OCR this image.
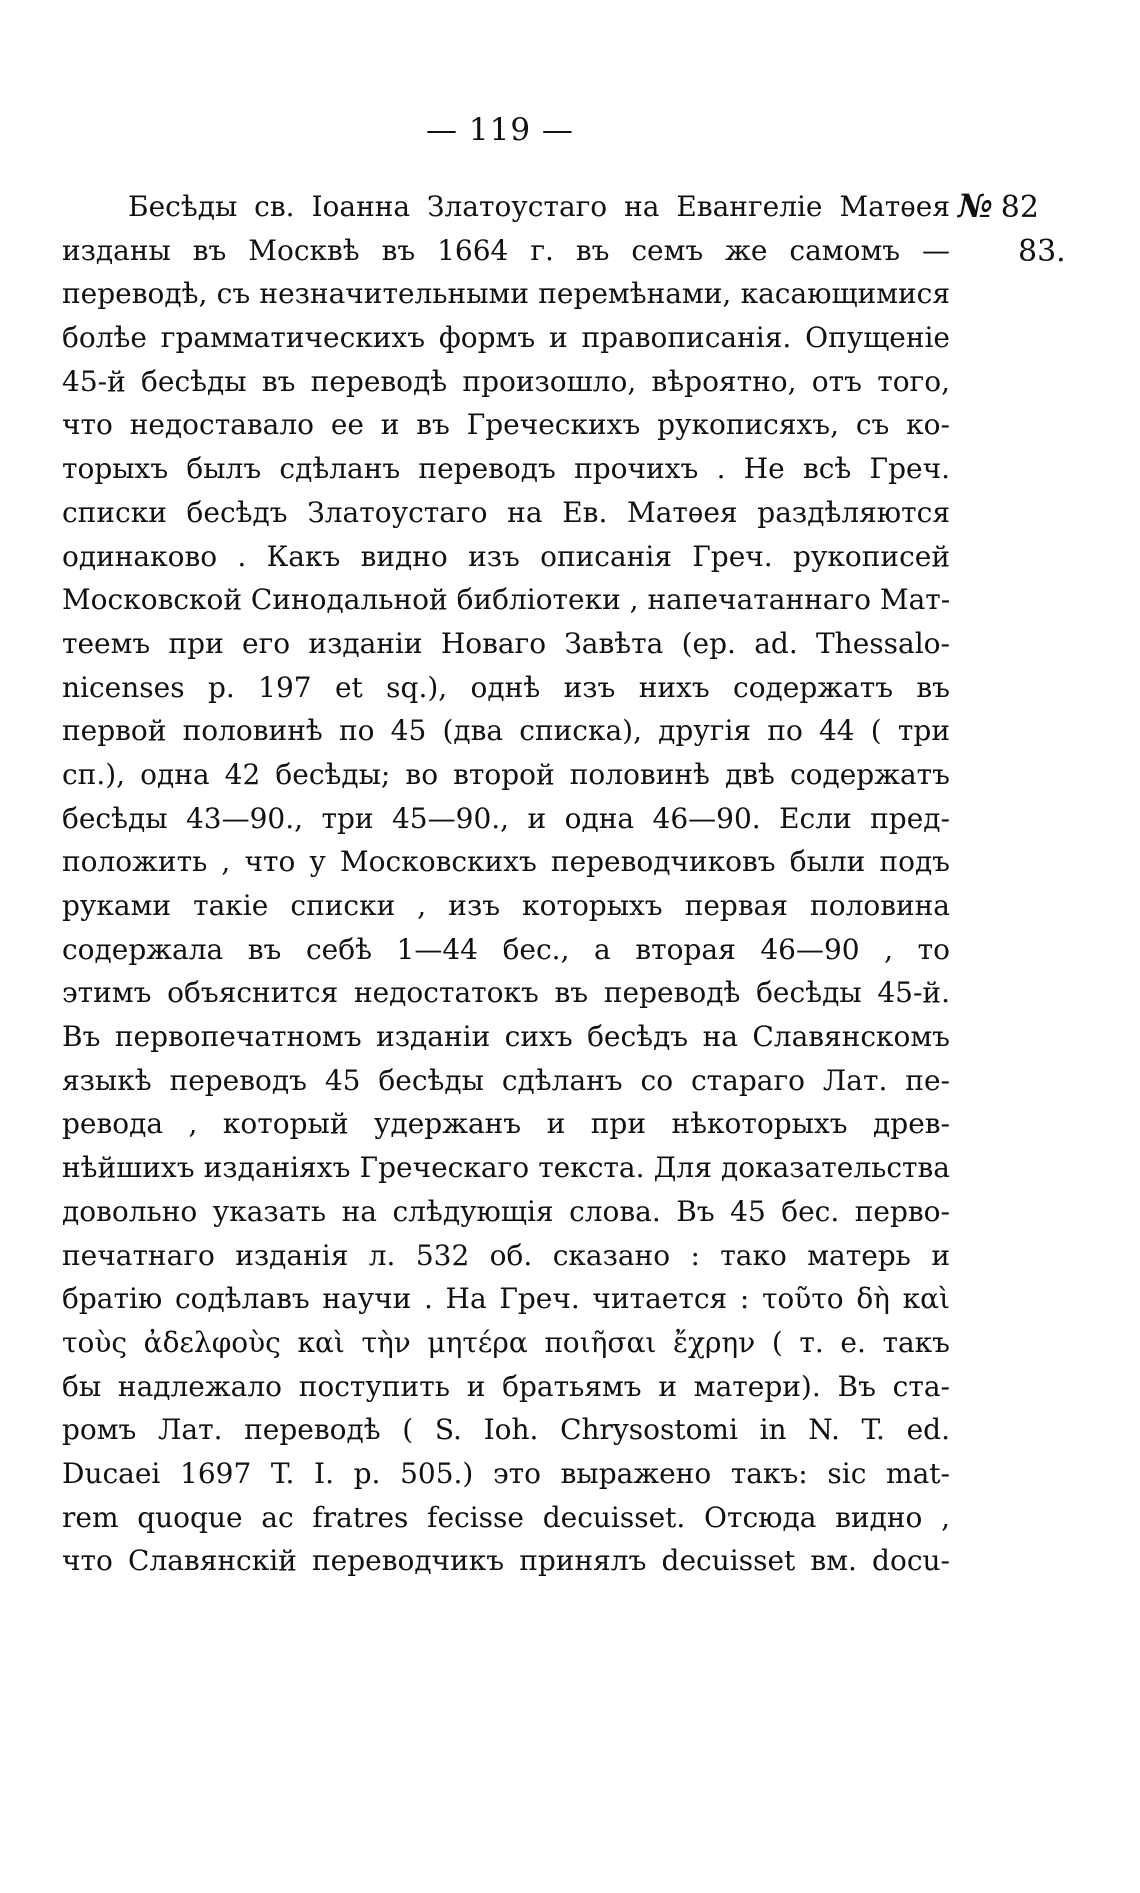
— 119 —
Бесѣды св. Іоанна Златоустаго на Евангеліе Матѳея
изданы въ Москвѣ въ 1664 г. въ семъ же самомъ —
переводѣ, съ незначительными перемѣнами, касающимися
болѣе грамматическихъ формъ и правописанія. Опущеніе
45-й бесѣды въ переводѣ произошло, вѣроятно, отъ того,
что недоставало ее и въ Греческихъ рукописяхъ, съ ко-
торыхъ былъ сдѣланъ переводъ прочихъ . Не всѣ Греч.
списки бесѣдъ Златоустаго на Ев. Матѳея раздѣляются
одинаково . Какъ видно изъ описанія Греч. рукописей
Московской Синодальной библіотеки , напечатаннаго Мат-
теемъ при его изданіи Новаго Завѣта (ер. ad. Thessalo-
nicenses p. 197 et sq.), однѣ изъ нихъ содержатъ въ
первой половинѣ по 45 (два списка), другія по 44 ( три
сп.), одна 42 бесѣды; во второй половинѣ двѣ содержатъ
бесѣды 43—90., три 45—90., и одна 46—90. Если пред-
положить , что у Московскихъ переводчиковъ были подъ
руками такіе списки , изъ которыхъ первая половина
содержала въ себѣ 1—44 бес., а вторая 46—90 , то
этимъ объяснится недостатокъ въ переводѣ бесѣды 45-й.
Въ первопечатномъ изданіи сихъ бесѣдъ на Славянскомъ
языкѣ переводъ 45 бесѣды сдѣланъ со стараго Лат. пе-
ревода , который удержанъ и при нѣкоторыхъ древ-
нѣйшихъ изданіяхъ Греческаго текста. Для доказательства
довольно указать на слѣдующія слова. Въ 45 бес. перво-
печатнаго изданія л. 532 об. сказано : тако матерь и
братію содѣлавъ научи . На Греч. читается : τοῦτο δὴ καὶ
τοὺς ἀδελφοὺς καὶ τὴν μητέρα ποιῆσαι ἔχρην ( т. е. такъ
бы надлежало поступить и братьямъ и матери). Въ ста-
ромъ Лат. переводѣ ( S. Ioh. Chrysostomi in N. T. ed.
Ducaei 1697 T. I. p. 505.) это выражено такъ: sic mat-
rem quoque ac fratres fecisse decuisset. Отсюда видно ,
что Славянскій переводчикъ принялъ decuisset вм. docu-
№ 82
83.
